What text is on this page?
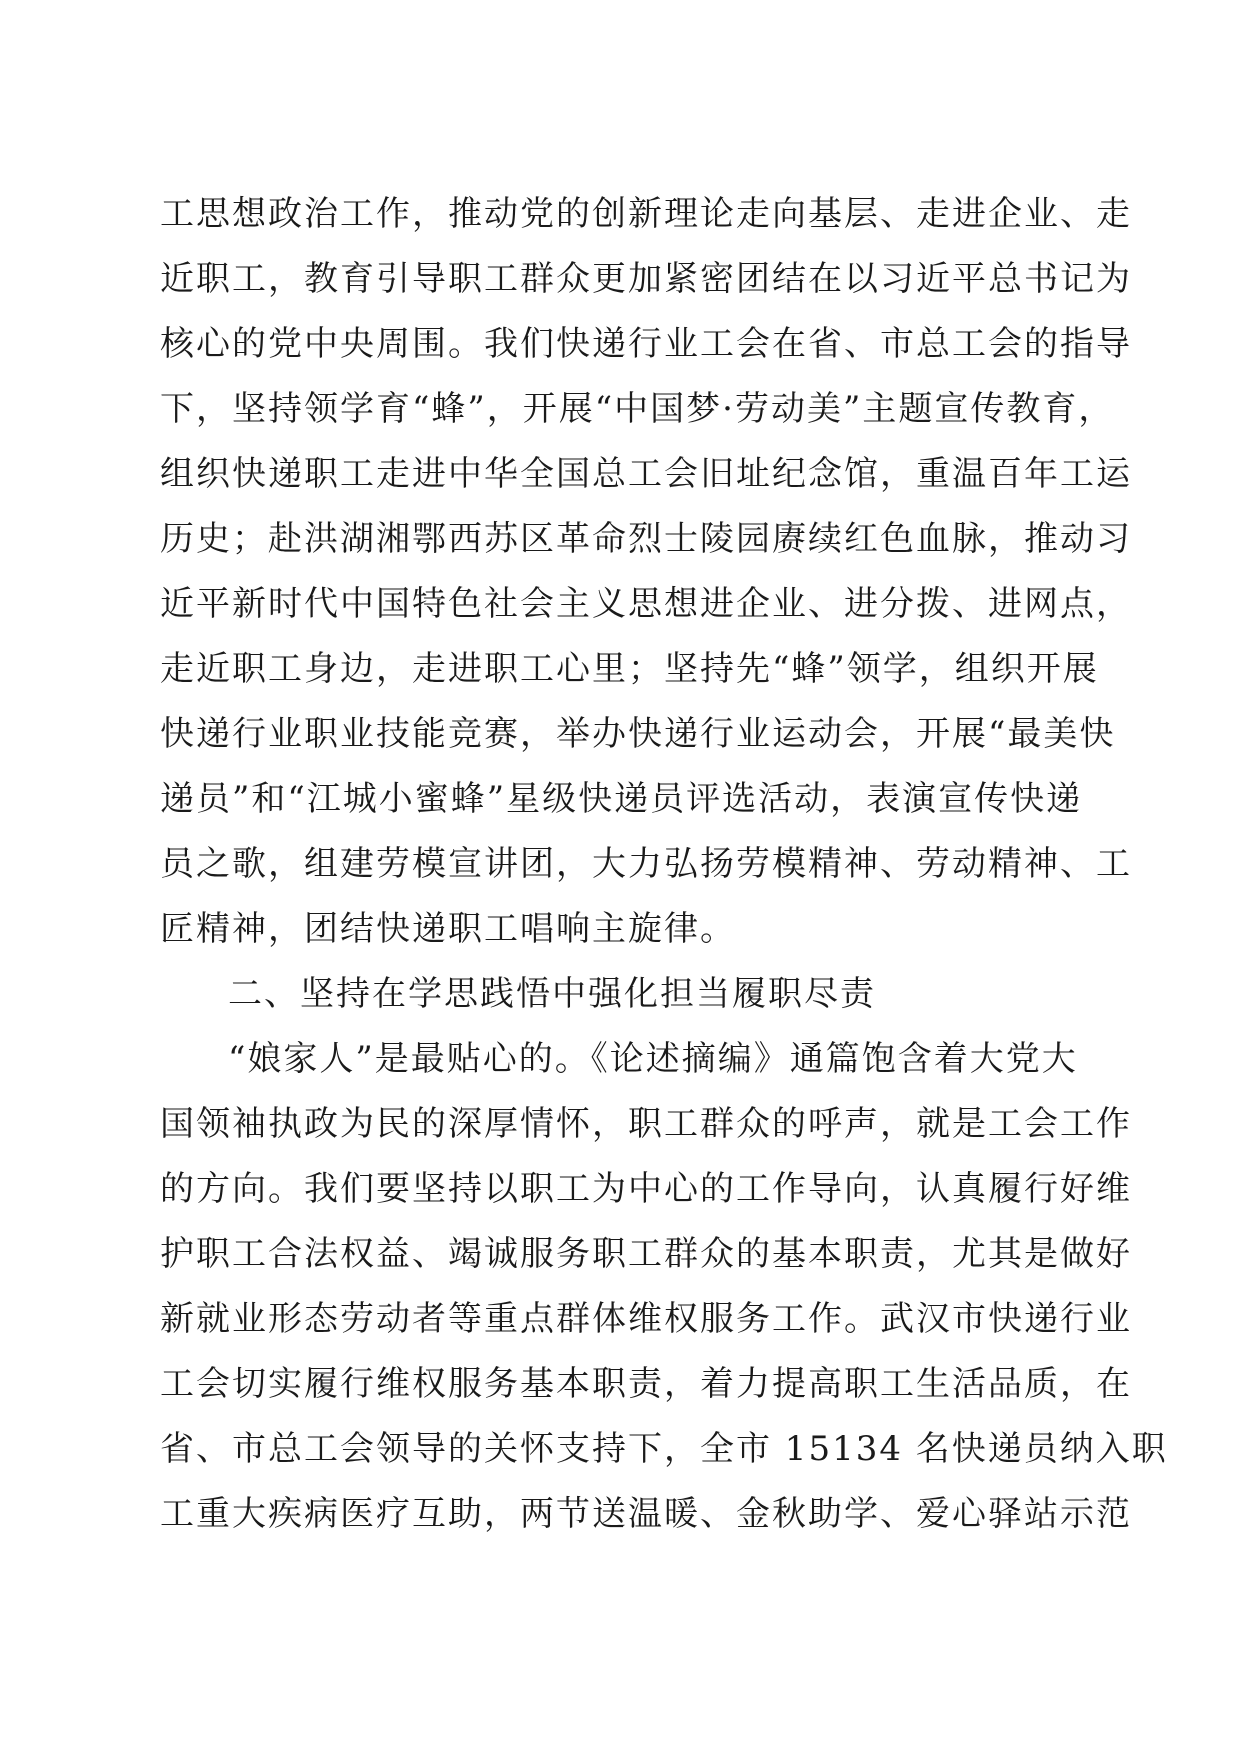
工思想政治工作，推动党的创新理论走向基层、走进企业、走
近职工，教育引导职工群众更加紧密团结在以习近平总书记为
核心的党中央周围。我们快递行业工会在省、市总工会的指导
下，坚持领学育“蜂”，开展“中国梦·劳动美”主题宣传教育，
组织快递职工走进中华全国总工会旧址纪念馆，重温百年工运
历史；赴洪湖湘鄂西苏区革命烈士陵园赓续红色血脉，推动习
近平新时代中国特色社会主义思想进企业、进分拨、进网点，
走近职工身边，走进职工心里；坚持先“蜂”领学，组织开展
快递行业职业技能竞赛，举办快递行业运动会，开展“最美快
递员”和“江城小蜜蜂”星级快递员评选活动，表演宣传快递
员之歌，组建劳模宣讲团，大力弘扬劳模精神、劳动精神、工
匠精神，团结快递职工唱响主旋律。
二、坚持在学思践悟中强化担当履职尽责
“娘家人”是最贴心的。《论述摘编》通篇饱含着大党大
国领袖执政为民的深厚情怀，职工群众的呼声，就是工会工作
的方向。我们要坚持以职工为中心的工作导向，认真履行好维
护职工合法权益、竭诚服务职工群众的基本职责，尤其是做好
新就业形态劳动者等重点群体维权服务工作。武汉市快递行业
工会切实履行维权服务基本职责，着力提高职工生活品质，在
省、市总工会领导的关怀支持下，全市 15134 名快递员纳入职
工重大疾病医疗互助，两节送温暖、金秋助学、爱心驿站示范
